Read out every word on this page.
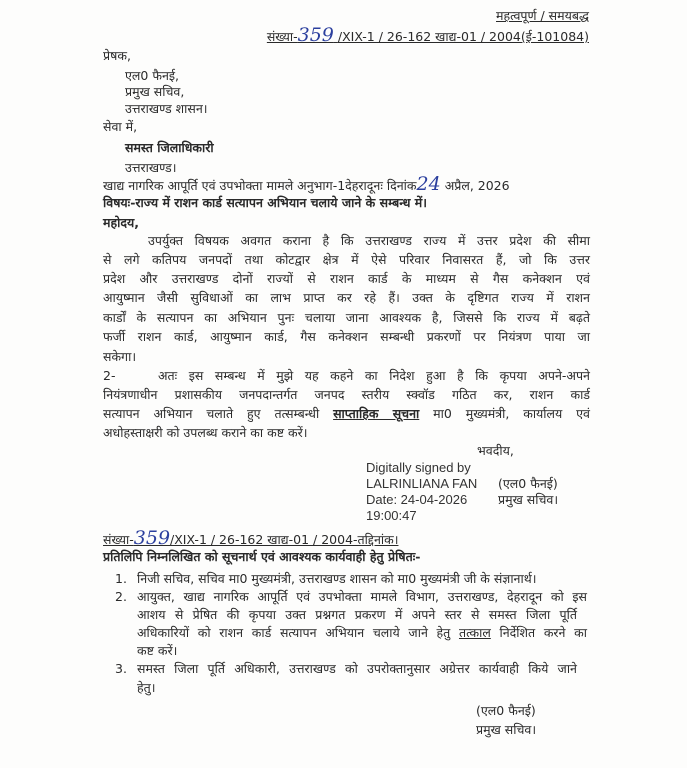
महत्वपूर्ण / समयबद्ध
संख्या-359 /XIX-1 / 26-162 खाद्य-01 / 2004(ई-101084)
प्रेषक,
एल0 फैनई,
प्रमुख सचिव,
उत्तराखण्ड शासन।
सेवा में,
समस्त जिलाधिकारी
उत्तराखण्ड।
खाद्य नागरिक आपूर्ति एवं उपभोक्ता मामले अनुभाग-1देहरादूनः दिनांक24 अप्रैल, 2026
विषयः-राज्य में राशन कार्ड सत्यापन अभियान चलाये जाने के सम्बन्ध में।
महोदय,
उपर्युक्त विषयक अवगत कराना है कि उत्तराखण्ड राज्य में उत्तर प्रदेश की सीमा
से लगे कतिपय जनपदों तथा कोटद्वार क्षेत्र में ऐसे परिवार निवासरत हैं, जो कि उत्तर
प्रदेश और उत्तराखण्ड दोनों राज्यों से राशन कार्ड के माध्यम से गैस कनेक्शन एवं
आयुष्मान जैसी सुविधाओं का लाभ प्राप्त कर रहे हैं। उक्त के दृष्टिगत राज्य में राशन
कार्डों के सत्यापन का अभियान पुनः चलाया जाना आवश्यक है, जिससे कि राज्य में बढ़ते
फर्जी राशन कार्ड, आयुष्मान कार्ड, गैस कनेक्शन सम्बन्धी प्रकरणों पर नियंत्रण पाया जा
सकेगा।
2-	अतः इस सम्बन्ध में मुझे यह कहने का निदेश हुआ है कि कृपया अपने-अपने
नियंत्रणाधीन प्रशासकीय जनपदान्तर्गत जनपद स्तरीय स्क्वॉड गठित कर, राशन कार्ड
सत्यापन अभियान चलाते हुए तत्सम्बन्धी साप्ताहिक सूचना मा0 मुख्यमंत्री, कार्यालय एवं
अधोहस्ताक्षरी को उपलब्ध कराने का कष्ट करें।
भवदीय,
Digitally signed by
LALRINLIANA FAN (एल0 फैनई)
Date: 24-04-2026 प्रमुख सचिव।
19:00:47
संख्या-359/XIX-1 / 26-162 खाद्य-01 / 2004-तद्दिनांक।
प्रतिलिपि निम्नलिखित को सूचनार्थ एवं आवश्यक कार्यवाही हेतु प्रेषितः-
1. निजी सचिव, सचिव मा0 मुख्यमंत्री, उत्तराखण्ड शासन को मा0 मुख्यमंत्री जी के संज्ञानार्थ।
2. आयुक्त, खाद्य नागरिक आपूर्ति एवं उपभोक्ता मामले विभाग, उत्तराखण्ड, देहरादून को इस
आशय से प्रेषित की कृपया उक्त प्रश्नगत प्रकरण में अपने स्तर से समस्त जिला पूर्ति
अधिकारियों को राशन कार्ड सत्यापन अभियान चलाये जाने हेतु तत्काल निर्देशित करने का
कष्ट करें।
3. समस्त जिला पूर्ति अधिकारी, उत्तराखण्ड को उपरोक्तानुसार अग्रेत्तर कार्यवाही किये जाने
हेतु।
(एल0 फैनई)
प्रमुख सचिव।
